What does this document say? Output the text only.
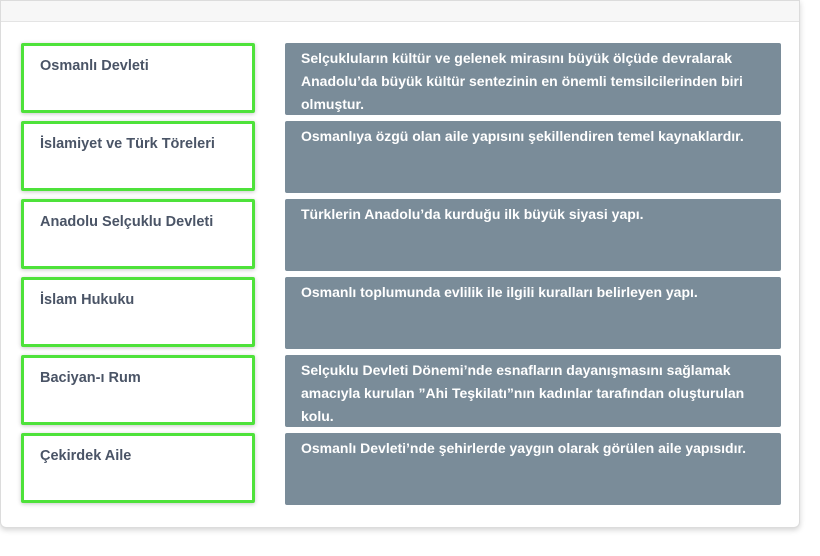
Osmanlı Devleti	Selçukluların kültür ve gelenek mirasını büyük ölçüde devralarak Anadolu’da büyük kültür sentezinin en önemli temsilcilerinden biri olmuştur.
İslamiyet ve Türk Töreleri	Osmanlıya özgü olan aile yapısını şekillendiren temel kaynaklardır.
Anadolu Selçuklu Devleti	Türklerin Anadolu’da kurduğu ilk büyük siyasi yapı.
İslam Hukuku	Osmanlı toplumunda evlilik ile ilgili kuralları belirleyen yapı.
Baciyan-ı Rum	Selçuklu Devleti Dönemi’nde esnafların dayanışmasını sağlamak amacıyla kurulan ”Ahi Teşkilatı”nın kadınlar tarafından oluşturulan kolu.
Çekirdek Aile	Osmanlı Devleti’nde şehirlerde yaygın olarak görülen aile yapısıdır.
